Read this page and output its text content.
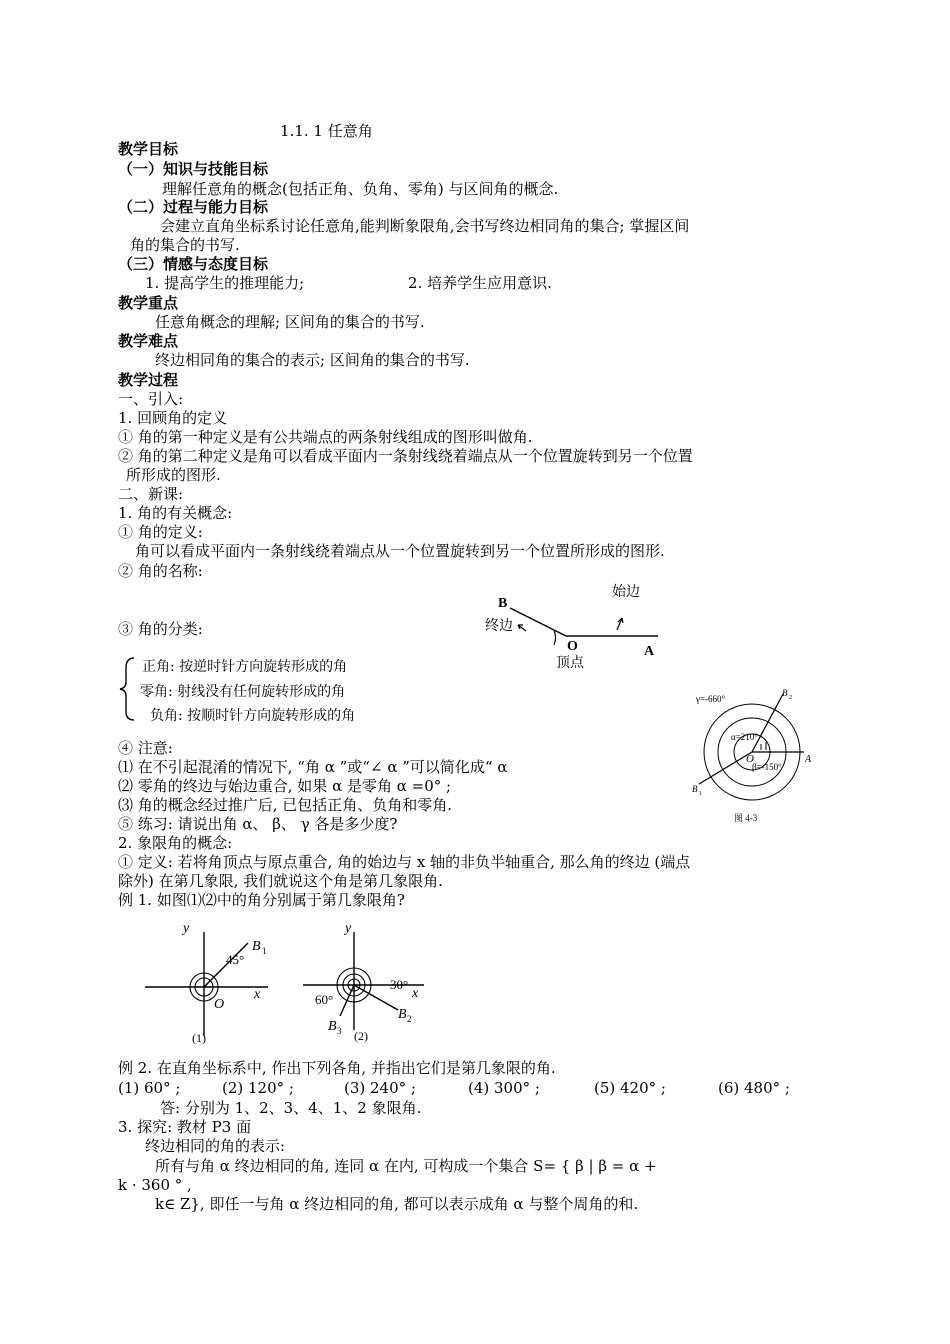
1.1. 1 任意角
教学目标
（一）知识与技能目标
理解任意角的概念(包括正角、负角、零角) 与区间角的概念.
（二）过程与能力目标
会建立直角坐标系讨论任意角,能判断象限角,会书写终边相同角的集合; 掌握区间
角的集合的书写.
（三）情感与态度目标
1. 提高学生的推理能力;	2. 培养学生应用意识.
教学重点
任意角概念的理解; 区间角的集合的书写.
教学难点
终边相同角的集合的表示; 区间角的集合的书写.
教学过程
一、引入:
1. 回顾角的定义
① 角的第一种定义是有公共端点的两条射线组成的图形叫做角.
② 角的第二种定义是角可以看成平面内一条射线绕着端点从一个位置旋转到另一个位置
所形成的图形.
二、新课:
1. 角的有关概念:
① 角的定义:
角可以看成平面内一条射线绕着端点从一个位置旋转到另一个位置所形成的图形.
② 角的名称:
③ 角的分类:
正角: 按逆时针方向旋转形成的角
零角: 射线没有任何旋转形成的角
负角: 按顺时针方向旋转形成的角
④ 注意:
⑴ 在不引起混淆的情况下, “角 α ”或“∠ α ”可以简化成“ α
⑵ 零角的终边与始边重合, 如果 α 是零角 α =0° ;
⑶ 角的概念经过推广后, 已包括正角、负角和零角.
⑤ 练习: 请说出角 α、 β、 γ 各是多少度?
2. 象限角的概念:
① 定义: 若将角顶点与原点重合, 角的始边与 x 轴的非负半轴重合, 那么角的终边 (端点
除外) 在第几象限, 我们就说这个角是第几象限角.
例 1. 如图⑴⑵中的角分别属于第几象限角?
例 2. 在直角坐标系中, 作出下列各角, 并指出它们是第几象限的角.
(1) 60° ;	(2) 120° ;	(3) 240° ;	(4) 300° ;	(5) 420° ;	(6) 480° ;
答: 分别为 1、2、3、4、1、2 象限角.
3. 探究: 教材 P3 面
终边相同的角的表示:
所有与角 α 终边相同的角, 连同 α 在内, 可构成一个集合 S= { β | β = α +
k · 360 ° ,
k∈ Z}, 即任一与角 α 终边相同的角, 都可以表示成角 α 与整个周角的和.
B
O	A
始边
终边
顶点
γ=-660°
α=210°
β=-150°
O	A
B 2
B 1
图 4-3
y
x
O
B 1
45°
(1)
y
x
30°
60°
B 2
B 3 (2)
